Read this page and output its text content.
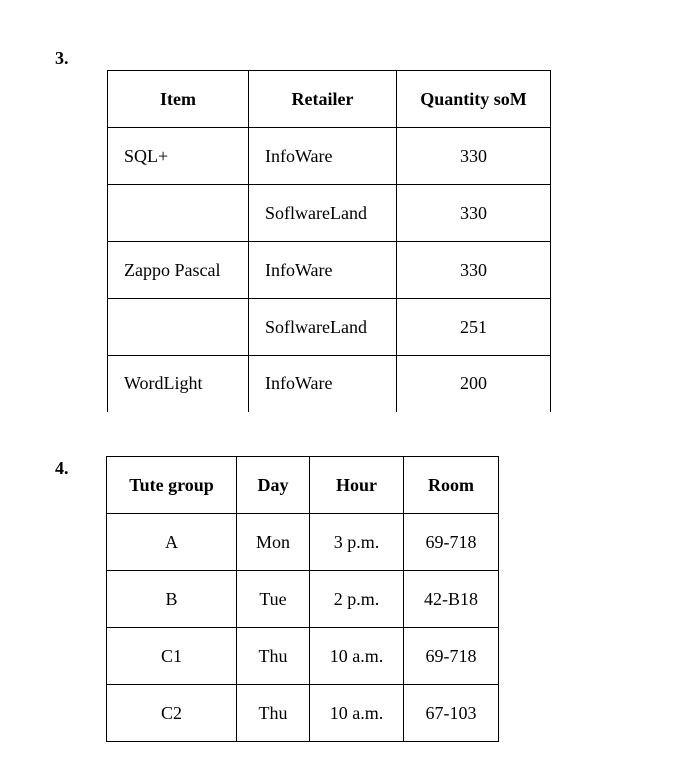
3.
Item	Retailer	Quantity soM
SQL+	InfoWare	330
	SoflwareLand	330
Zappo Pascal	InfoWare	330
	SoflwareLand	251
WordLight	InfoWare	200
4.
Tute group	Day	Hour	Room
A	Mon	3 p.m.	69-718
B	Tue	2 p.m.	42-B18
C1	Thu	10 a.m.	69-718
C2	Thu	10 a.m.	67-103
